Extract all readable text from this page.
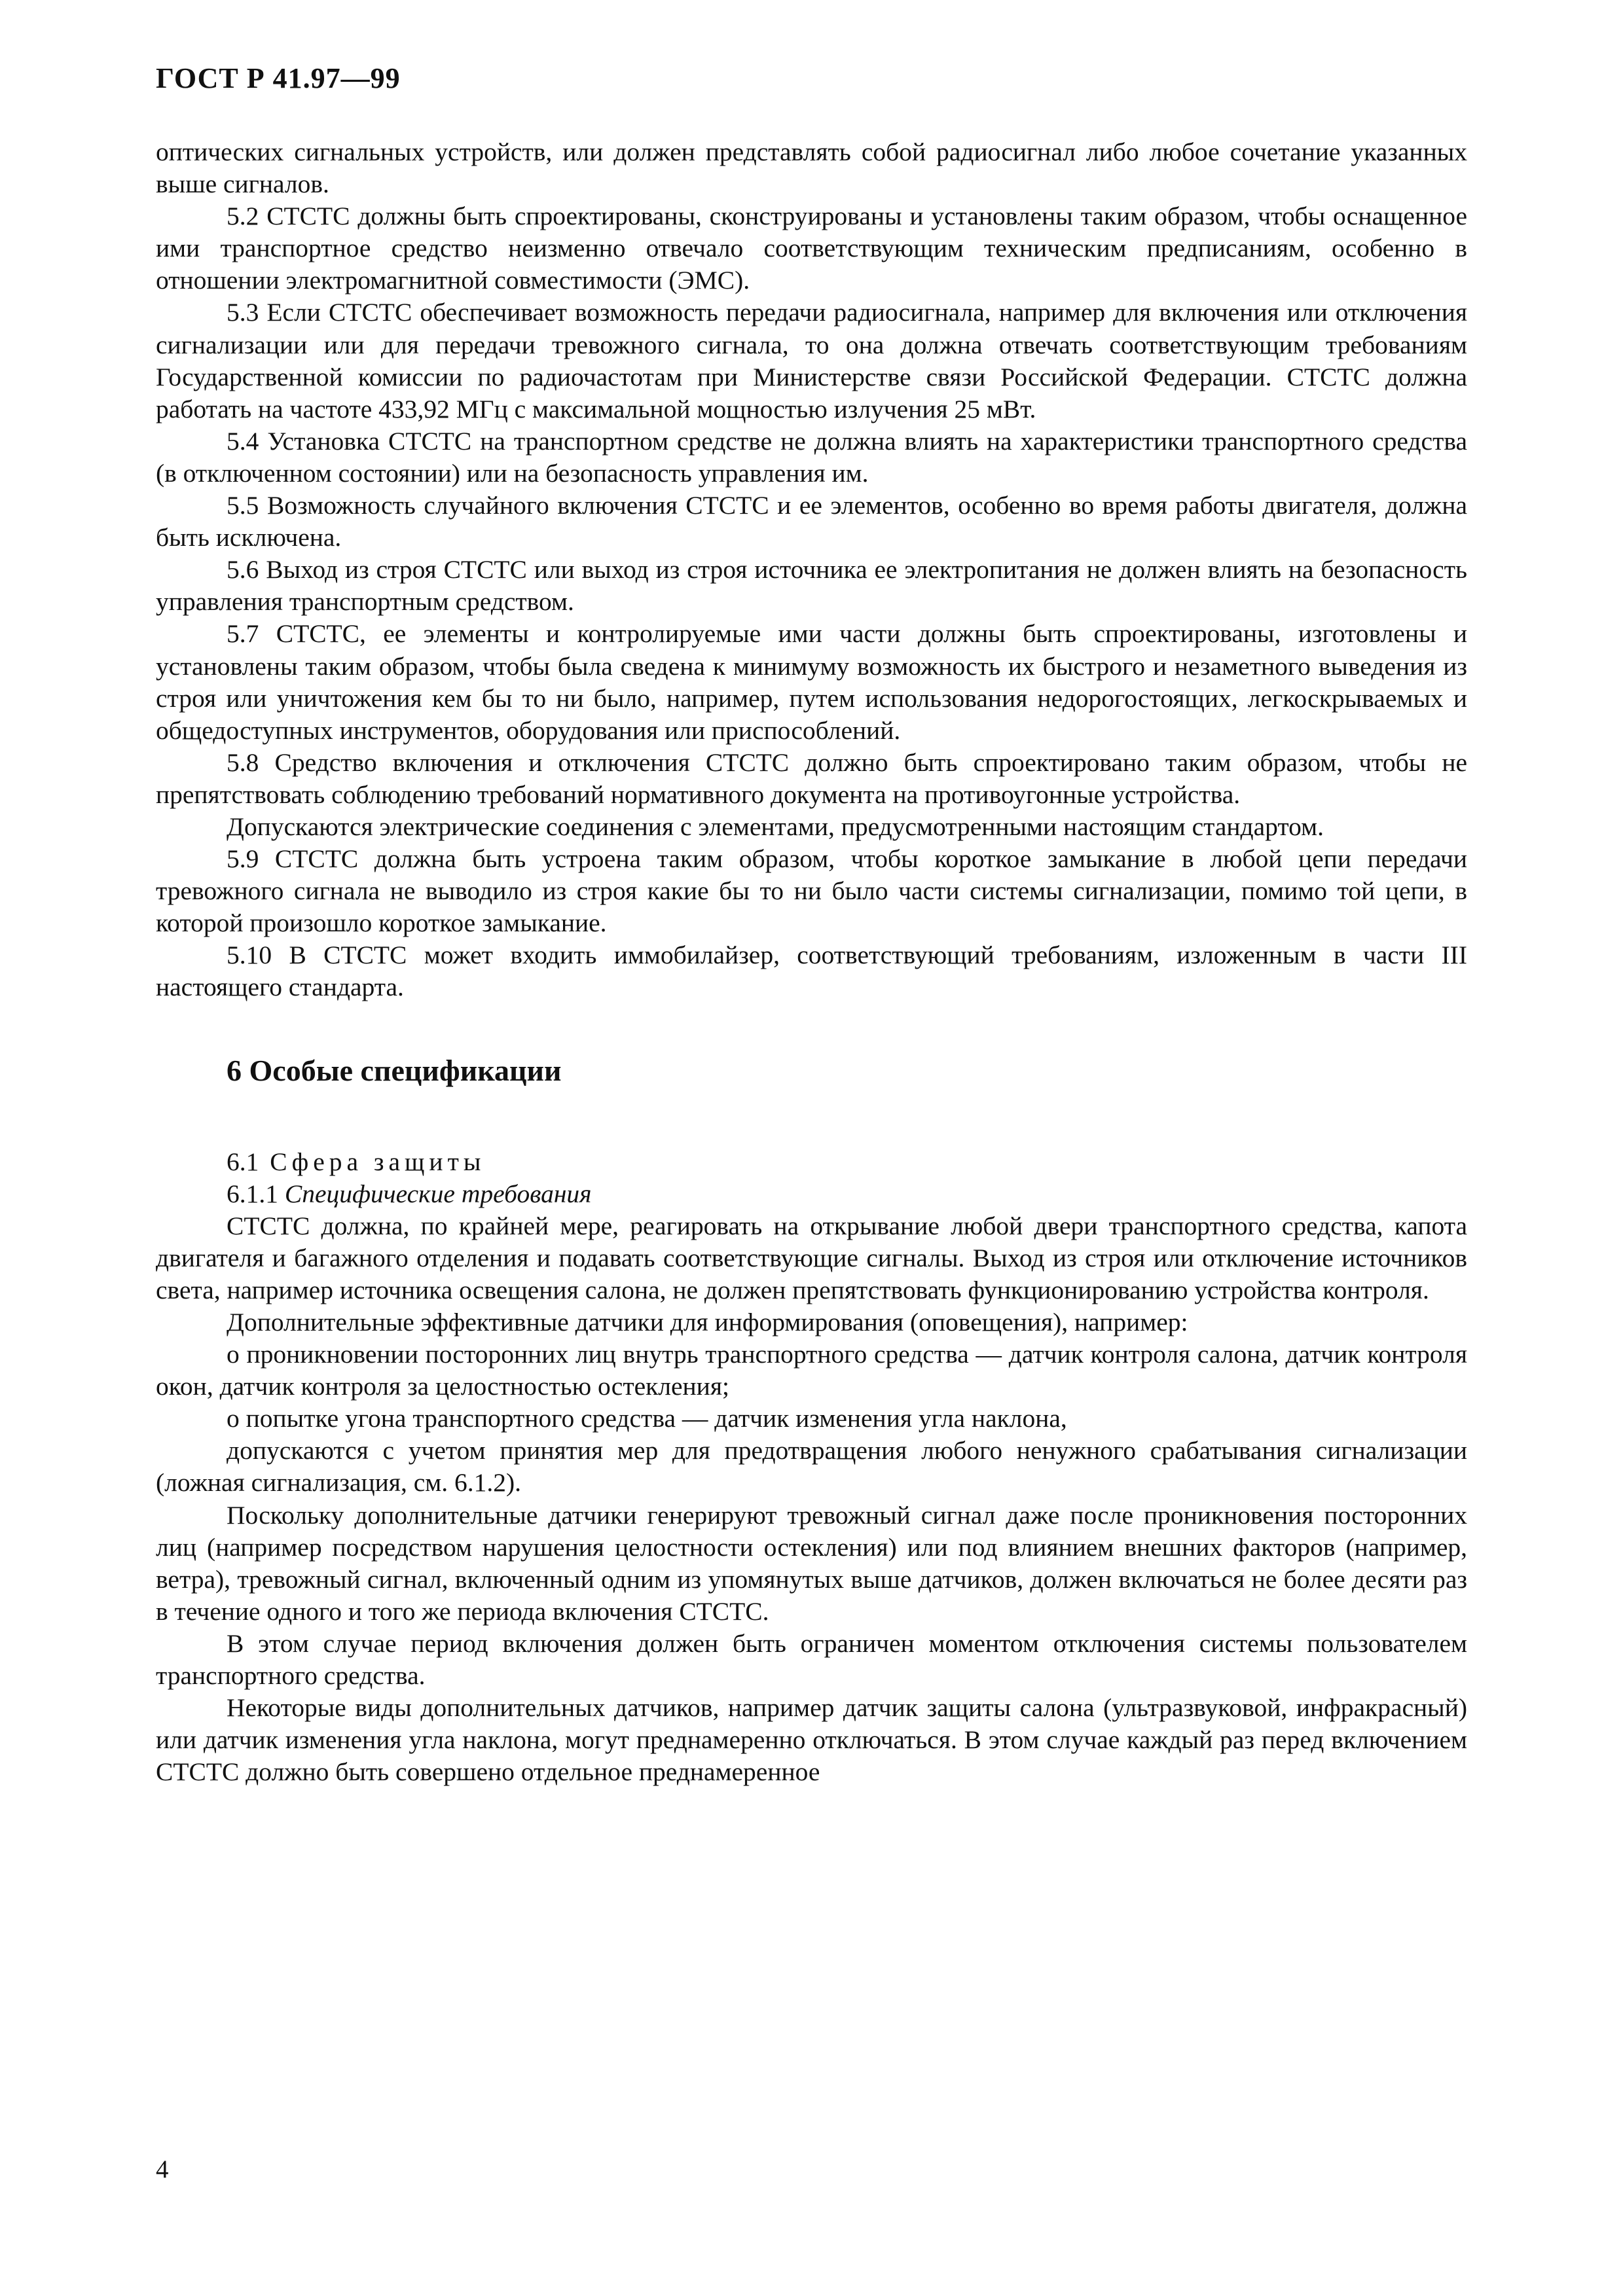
ГОСТ Р 41.97—99

оптических сигнальных устройств, или должен представлять собой радиосигнал либо любое сочетание указанных выше сигналов.

5.2 СТСТС должны быть спроектированы, сконструированы и установлены таким образом, чтобы оснащенное ими транспортное средство неизменно отвечало соответствующим техническим предписаниям, особенно в отношении электромагнитной совместимости (ЭМС).

5.3 Если СТСТС обеспечивает возможность передачи радиосигнала, например для включения или отключения сигнализации или для передачи тревожного сигнала, то она должна отвечать соответствующим требованиям Государственной комиссии по радиочастотам при Министерстве связи Российской Федерации. СТСТС должна работать на частоте 433,92 МГц с максимальной мощностью излучения 25 мВт.

5.4 Установка СТСТС на транспортном средстве не должна влиять на характеристики транспортного средства (в отключенном состоянии) или на безопасность управления им.

5.5 Возможность случайного включения СТСТС и ее элементов, особенно во время работы двигателя, должна быть исключена.

5.6 Выход из строя СТСТС или выход из строя источника ее электропитания не должен влиять на безопасность управления транспортным средством.

5.7 СТСТС, ее элементы и контролируемые ими части должны быть спроектированы, изготовлены и установлены таким образом, чтобы была сведена к минимуму возможность их быстрого и незаметного выведения из строя или уничтожения кем бы то ни было, например, путем использования недорогостоящих, легкоскрываемых и общедоступных инструментов, оборудования или приспособлений.

5.8 Средство включения и отключения СТСТС должно быть спроектировано таким образом, чтобы не препятствовать соблюдению требований нормативного документа на противоугонные устройства.

Допускаются электрические соединения с элементами, предусмотренными настоящим стандартом.

5.9 СТСТС должна быть устроена таким образом, чтобы короткое замыкание в любой цепи передачи тревожного сигнала не выводило из строя какие бы то ни было части системы сигнализации, помимо той цепи, в которой произошло короткое замыкание.

5.10 В СТСТС может входить иммобилайзер, соответствующий требованиям, изложенным в части III настоящего стандарта.

6 Особые спецификации

6.1 Сфера защиты

6.1.1 Специфические требования

СТСТС должна, по крайней мере, реагировать на открывание любой двери транспортного средства, капота двигателя и багажного отделения и подавать соответствующие сигналы. Выход из строя или отключение источников света, например источника освещения салона, не должен препятствовать функционированию устройства контроля.

Дополнительные эффективные датчики для информирования (оповещения), например:

о проникновении посторонних лиц внутрь транспортного средства — датчик контроля салона, датчик контроля окон, датчик контроля за целостностью остекления;

о попытке угона транспортного средства — датчик изменения угла наклона,

допускаются с учетом принятия мер для предотвращения любого ненужного срабатывания сигнализации (ложная сигнализация, см. 6.1.2).

Поскольку дополнительные датчики генерируют тревожный сигнал даже после проникновения посторонних лиц (например посредством нарушения целостности остекления) или под влиянием внешних факторов (например, ветра), тревожный сигнал, включенный одним из упомянутых выше датчиков, должен включаться не более десяти раз в течение одного и того же периода включения СТСТС.

В этом случае период включения должен быть ограничен моментом отключения системы пользователем транспортного средства.

Некоторые виды дополнительных датчиков, например датчик защиты салона (ультразвуковой, инфракрасный) или датчик изменения угла наклона, могут преднамеренно отключаться. В этом случае каждый раз перед включением СТСТС должно быть совершено отдельное преднамеренное

4
